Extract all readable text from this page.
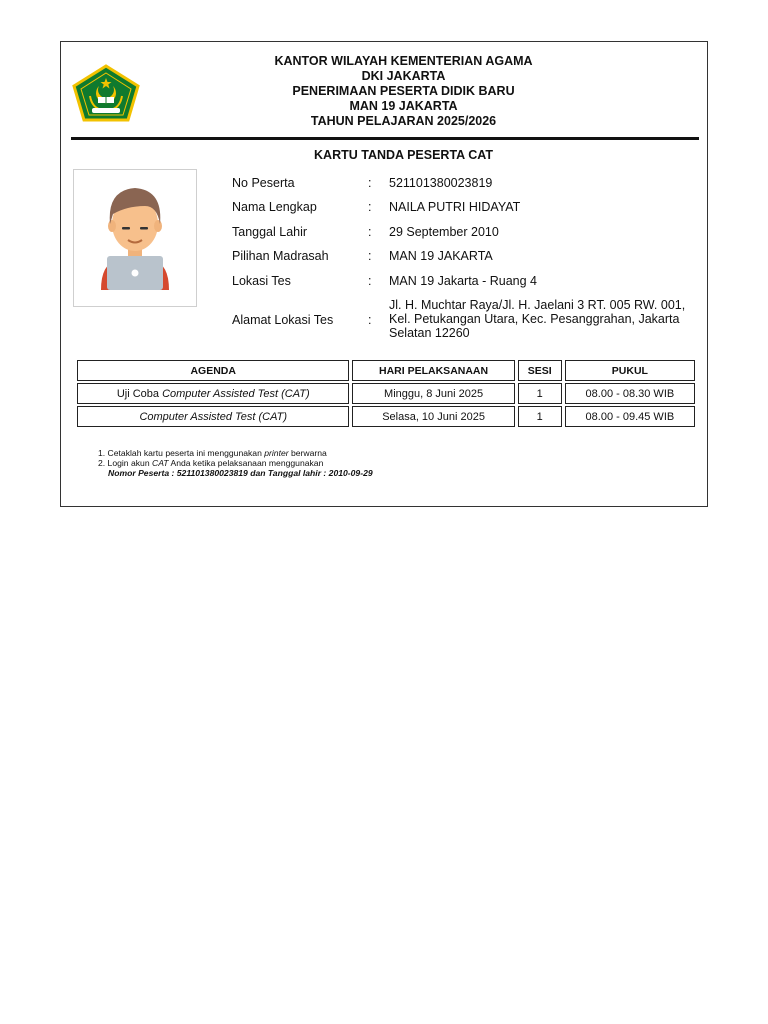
KANTOR WILAYAH KEMENTERIAN AGAMA
DKI JAKARTA
PENERIMAAN PESERTA DIDIK BARU
MAN 19 JAKARTA
TAHUN PELAJARAN 2025/2026
KARTU TANDA PESERTA CAT
No Peserta	: 521101380023819
Nama Lengkap	: NAILA PUTRI HIDAYAT
Tanggal Lahir	: 29 September 2010
Pilihan Madrasah	: MAN 19 JAKARTA
Lokasi Tes	: MAN 19 Jakarta - Ruang 4
Alamat Lokasi Tes	:
Jl. H. Muchtar Raya/Jl. H. Jaelani 3 RT. 005 RW. 001,
Kel. Petukangan Utara, Kec. Pesanggrahan, Jakarta
Selatan 12260
AGENDA	HARI PELAKSANAAN	SESI	PUKUL
Uji Coba Computer Assisted Test (CAT)	Minggu, 8 Juni 2025	1	08.00 - 08.30 WIB
Computer Assisted Test (CAT)	Selasa, 10 Juni 2025	1	08.00 - 09.45 WIB
1. Cetaklah kartu peserta ini menggunakan printer berwarna
2. Login akun CAT Anda ketika pelaksanaan menggunakan
Nomor Peserta : 521101380023819 dan Tanggal lahir : 2010-09-29
